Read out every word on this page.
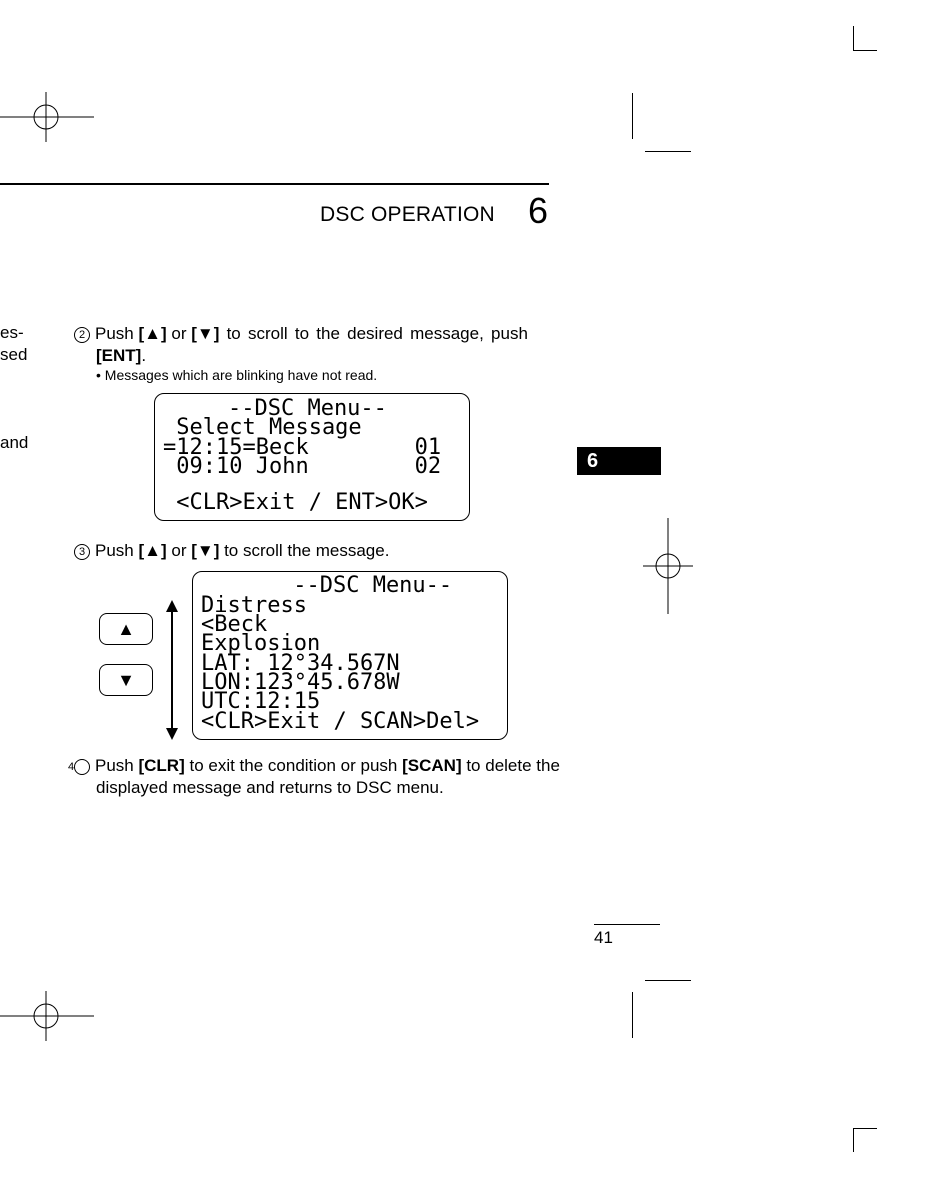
DSC OPERATION 6
es-
sed
and
2 Push [▲] or [▼] to scroll to the desired message, push
[ENT].
• Messages which are blinking have not read.

--DSC Menu--

Select Message

=12:15=Beck        01

09:10 John        02

<CLR>Exit / ENT>OK>

3 Push [▲] or [▼] to scroll the message.
▲
▼

--DSC Menu--

Distress

<Beck

Explosion

LAT: 12°34.567N

LON:123°45.678W

UTC:12:15

<CLR>Exit / SCAN>Del>

4 Push [CLR] to exit the condition or push [SCAN] to delete the displayed message and returns to DSC menu.
6
41
